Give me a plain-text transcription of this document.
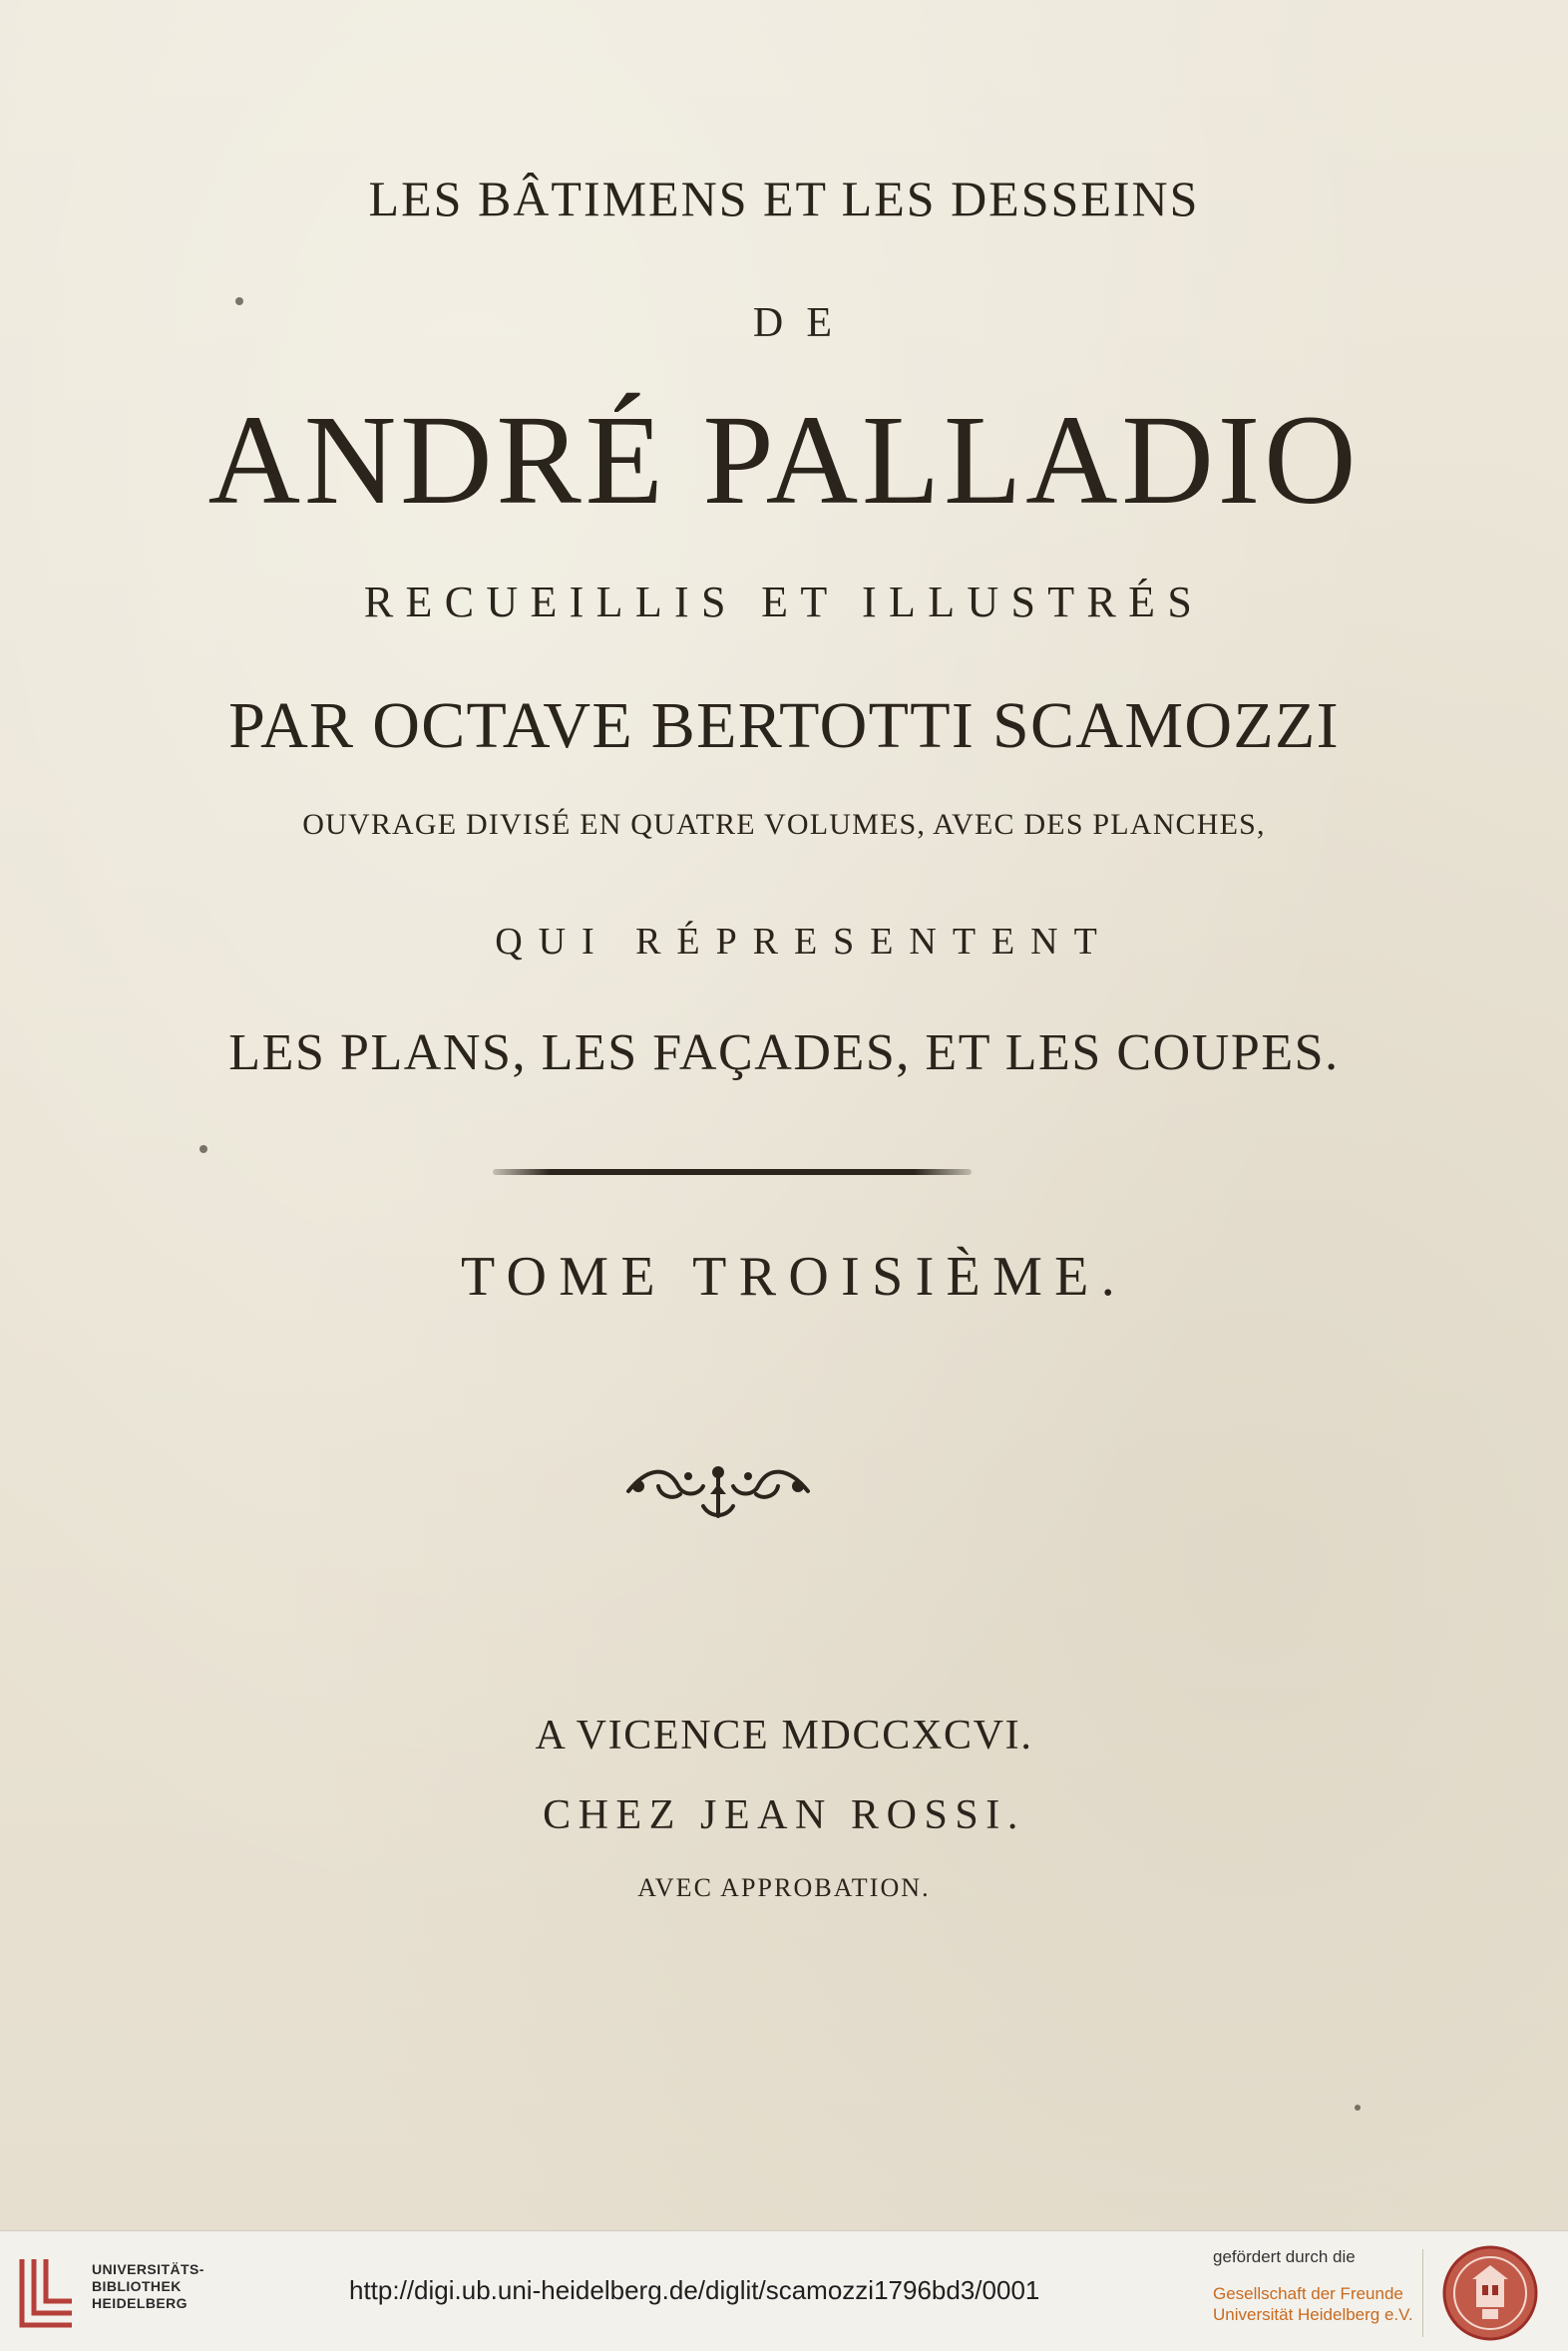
LES BÂTIMENS ET LES DESSEINS
DE
ANDRÉ PALLADIO
RECUEILLIS ET ILLUSTRÉS
PAR OCTAVE BERTOTTI SCAMOZZI
OUVRAGE DIVISÉ EN QUATRE VOLUMES, AVEC DES PLANCHES,
QUI RÉPRESENTENT
LES PLANS, LES FAÇADES, ET LES COUPES.
TOME TROISIÈME.
A VICENCE MDCCXCVI.
CHEZ JEAN ROSSI.
AVEC APPROBATION.
UNIVERSITÄTS-
BIBLIOTHEK
HEIDELBERG	http://digi.ub.uni-heidelberg.de/diglit/scamozzi1796bd3/0001
gefördert durch die
Gesellschaft der Freunde
Universität Heidelberg e.V.
